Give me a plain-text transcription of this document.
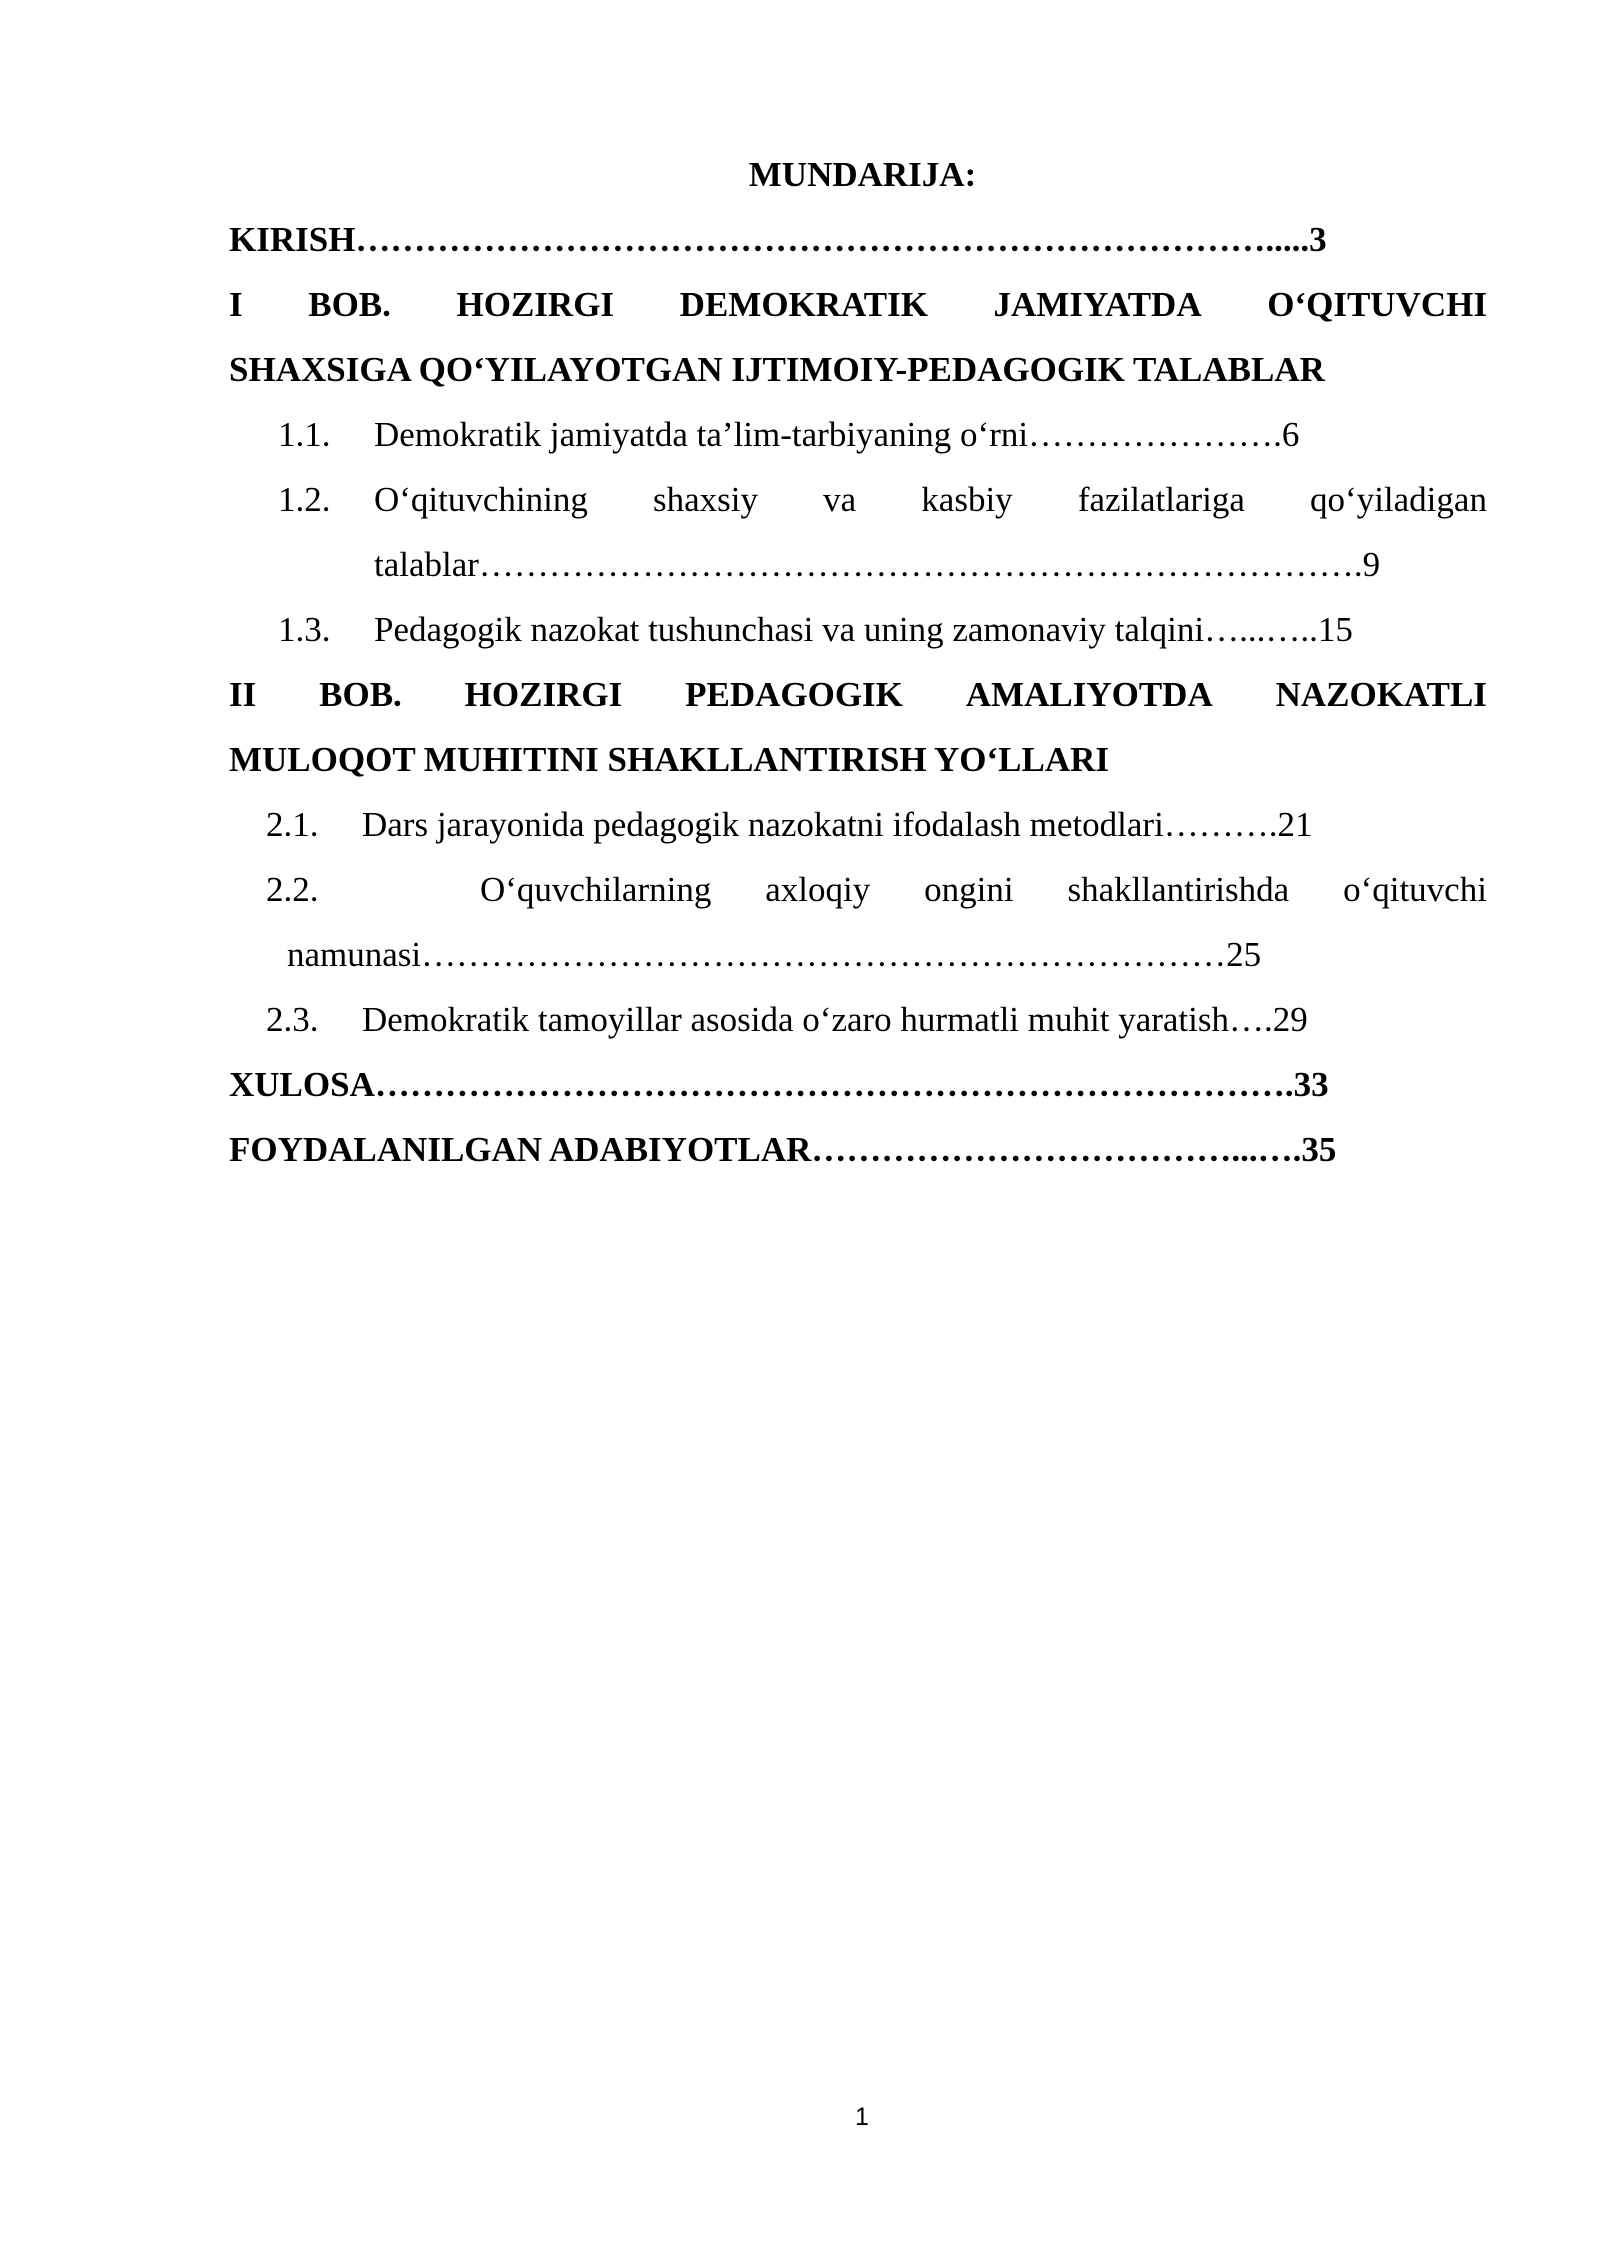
MUNDARIJA:
KIRISH…………………………………………………………………….....3
I BOB. HOZIRGI DEMOKRATIK JAMIYATDA O‘QITUVCHI
SHAXSIGA QO‘YILAYOTGAN IJTIMOIY-PEDAGOGIK TALABLAR
1.1. Demokratik jamiyatda ta’lim-tarbiyaning o‘rni………………….6
1.2. O‘qituvchining shaxsiy va kasbiy fazilatlariga qo‘yiladigan
talablar………………………………………………………………….9
1.3. Pedagogik nazokat tushunchasi va uning zamonaviy talqini…...…..15
II BOB. HOZIRGI PEDAGOGIK AMALIYOTDA NAZOKATLI
MULOQOT MUHITINI SHAKLLANTIRISH YO‘LLARI
2.1. Dars jarayonida pedagogik nazokatni ifodalash metodlari……….21
2.2.	O‘quvchilarning axloqiy ongini shakllantirishda o‘qituvchi
namunasi……………………………………………………………25
2.3. Demokratik tamoyillar asosida o‘zaro hurmatli muhit yaratish….29
XULOSA…………………………………………………………………….33
FOYDALANILGAN ADABIYOTLAR………………………………...….35
1
